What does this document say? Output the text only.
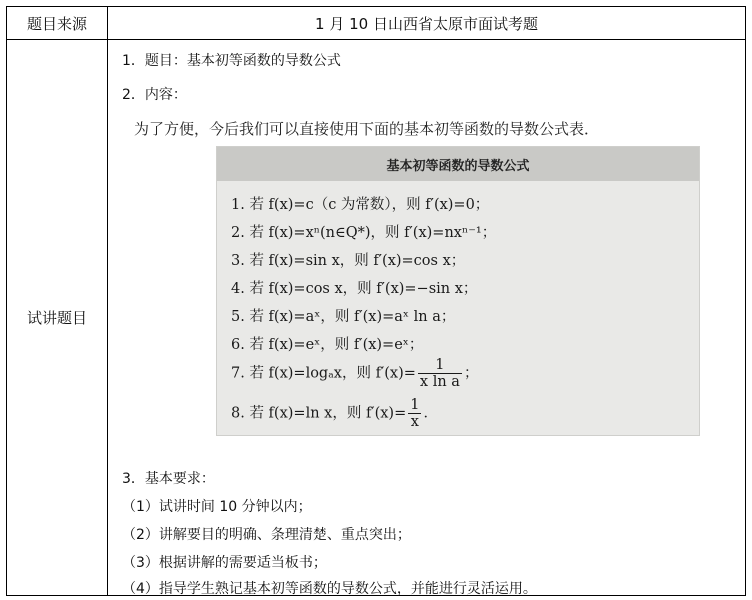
题目来源	1 月 10 日山西省太原市面试考题
试讲题目
1．题目：基本初等函数的导数公式
2．内容：
为了方便，今后我们可以直接使用下面的基本初等函数的导数公式表．
基本初等函数的导数公式
1. 若 f(x)=c（c 为常数），则 f′(x)=0；
2. 若 f(x)=xⁿ(n∈Q*)，则 f′(x)=nxⁿ⁻¹；
3. 若 f(x)=sin x，则 f′(x)=cos x；
4. 若 f(x)=cos x，则 f′(x)=−sin x；
5. 若 f(x)=aˣ，则 f′(x)=aˣ ln a；
6. 若 f(x)=eˣ，则 f′(x)=eˣ；
7. 若 f(x)=logₐx，则 $f'(x)= \frac{1}{\text{x ln a}}$ ；
8. 若 f(x)=ln x，则 $f'(x)= \frac{1}{x}$ ．
3．基本要求：
（1）试讲时间 10 分钟以内；
（2）讲解要目的明确、条理清楚、重点突出；
（3）根据讲解的需要适当板书；
（4）指导学生熟记基本初等函数的导数公式，并能进行灵活运用。
